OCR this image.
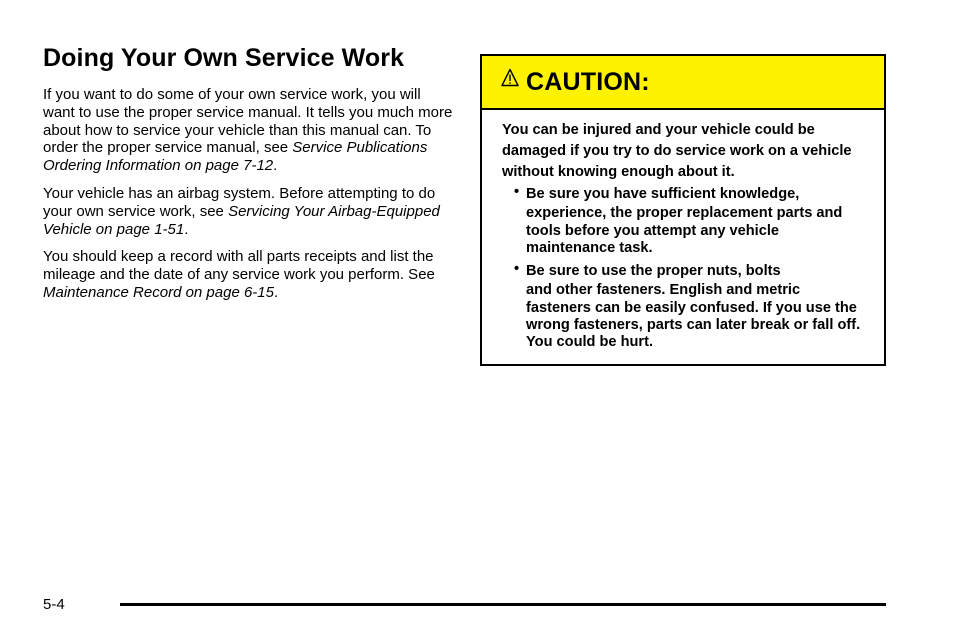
Doing Your Own Service Work

If you want to do some of your own service work, you will want to use the proper service manual. It tells you much more about how to service your vehicle than this manual can. To order the proper service manual, see Service Publications Ordering Information on page 7-12.

Your vehicle has an airbag system. Before attempting to do your own service work, see Servicing Your Airbag-Equipped Vehicle on page 1-51.

You should keep a record with all parts receipts and list the mileage and the date of any service work you perform. See Maintenance Record on page 6-15.

CAUTION:

You can be injured and your vehicle could be damaged if you try to do service work on a vehicle without knowing enough about it.

• Be sure you have sufficient knowledge,
experience, the proper replacement parts and tools before you attempt any vehicle maintenance task.
• Be sure to use the proper nuts, bolts
and other fasteners. English and metric fasteners can be easily confused. If you use the wrong fasteners, parts can later break or fall off. You could be hurt.
5-4
